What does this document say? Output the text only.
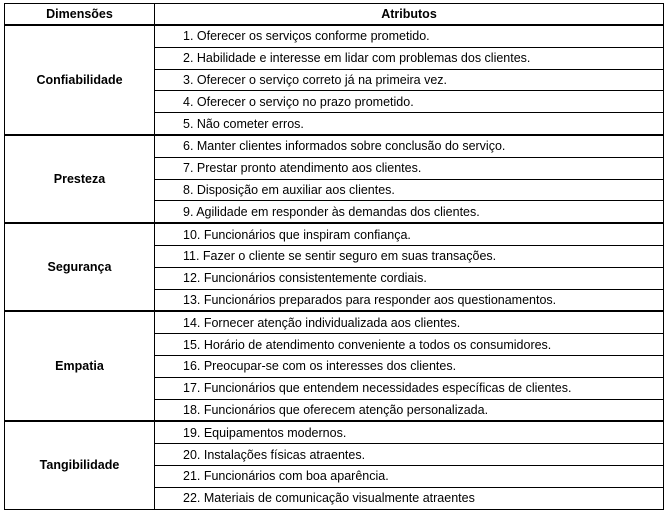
Dimensões	Atributos
Confiabilidade	1. Oferecer os serviços conforme prometido.
	2. Habilidade e interesse em lidar com problemas dos clientes.
	3. Oferecer o serviço correto já na primeira vez.
	4. Oferecer o serviço no prazo prometido.
	5. Não cometer erros.
Presteza	6. Manter clientes informados sobre conclusão do serviço.
	7. Prestar pronto atendimento aos clientes.
	8. Disposição em auxiliar aos clientes.
	9. Agilidade em responder às demandas dos clientes.
Segurança	10. Funcionários que inspiram confiança.
	11. Fazer o cliente se sentir seguro em suas transações.
	12. Funcionários consistentemente cordiais.
	13. Funcionários preparados para responder aos questionamentos.
Empatia	14. Fornecer atenção individualizada aos clientes.
	15. Horário de atendimento conveniente a todos os consumidores.
	16. Preocupar-se com os interesses dos clientes.
	17. Funcionários que entendem necessidades específicas de clientes.
	18. Funcionários que oferecem atenção personalizada.
Tangibilidade	19. Equipamentos modernos.
	20. Instalações físicas atraentes.
	21. Funcionários com boa aparência.
	22. Materiais de comunicação visualmente atraentes
